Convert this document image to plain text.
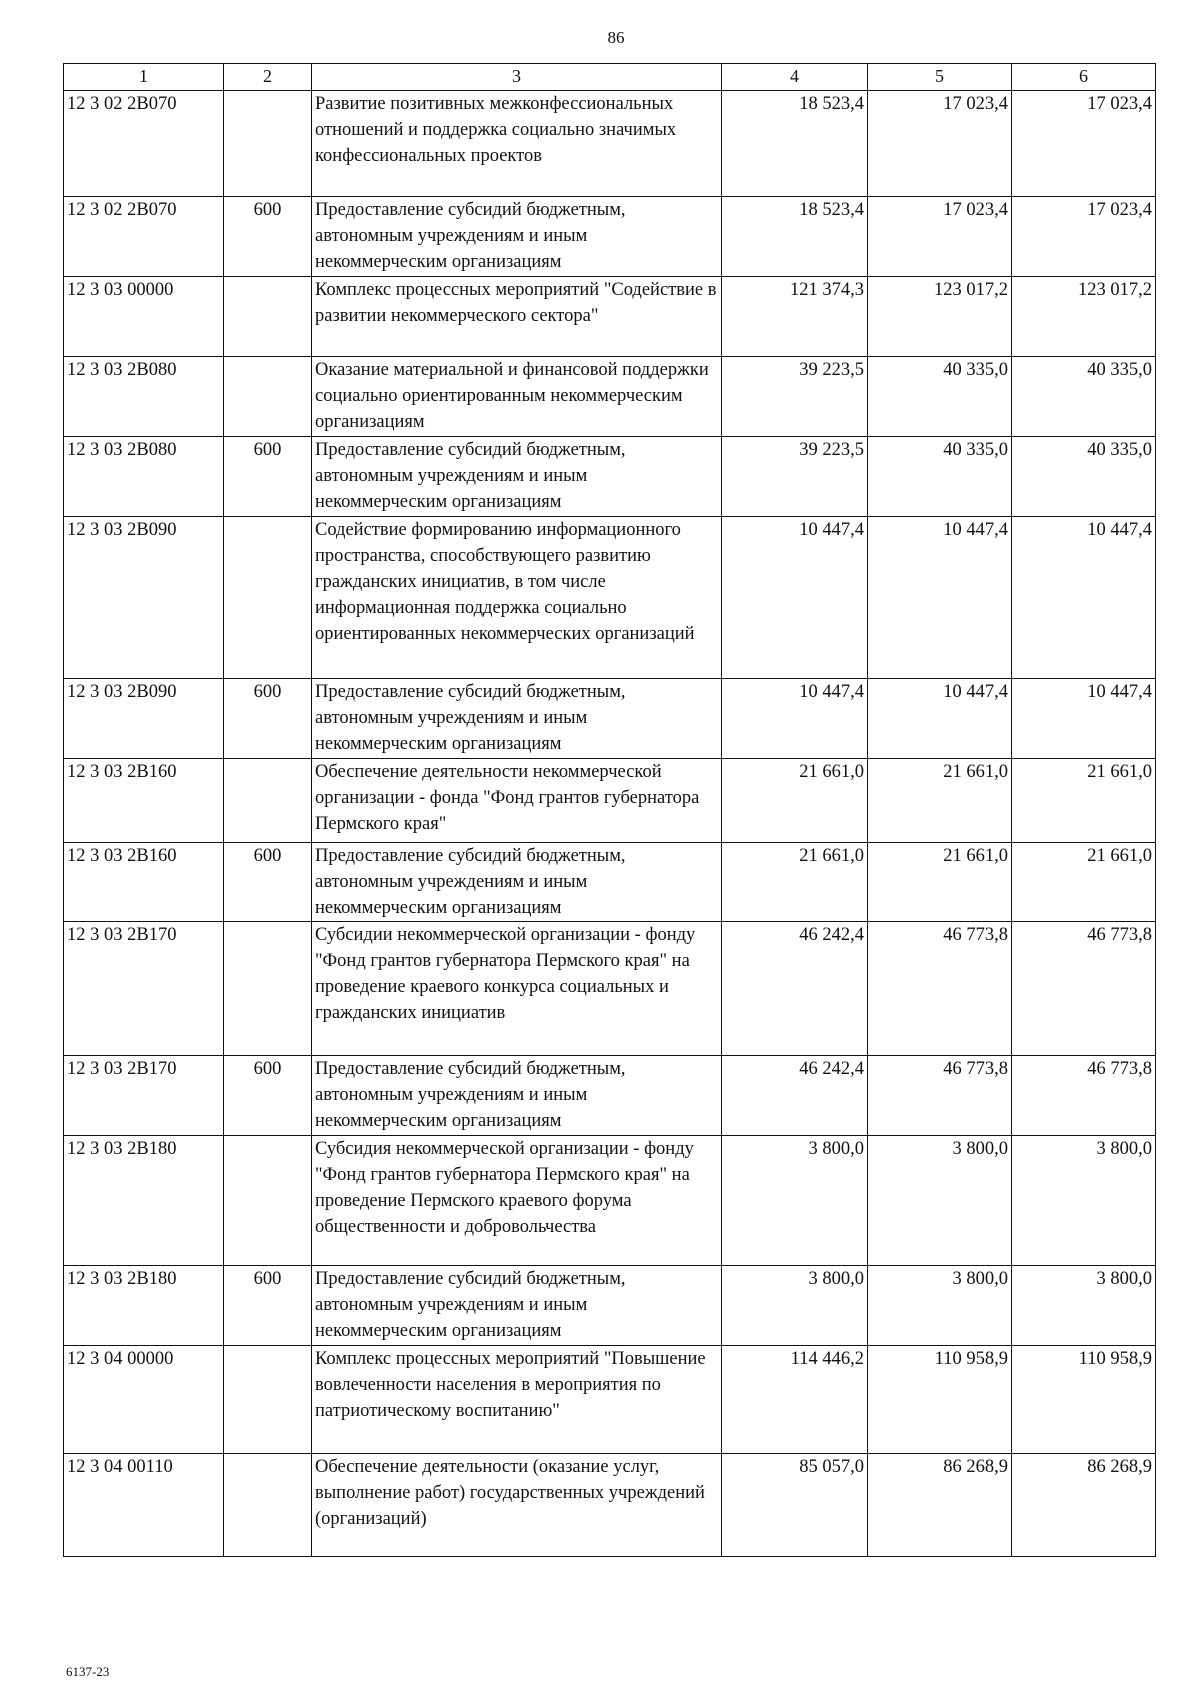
86
1	2	3	4	5	6
12 3 02 2В070		Развитие позитивных межконфессиональных отношений и поддержка социально значимых конфессиональных проектов	18 523,4	17 023,4	17 023,4
12 3 02 2В070	600	Предоставление субсидий бюджетным, автономным учреждениям и иным некоммерческим организациям	18 523,4	17 023,4	17 023,4
12 3 03 00000		Комплекс процессных мероприятий "Содействие в развитии некоммерческого сектора"	121 374,3	123 017,2	123 017,2
12 3 03 2В080		Оказание материальной и финансовой поддержки социально ориентированным некоммерческим организациям	39 223,5	40 335,0	40 335,0
12 3 03 2В080	600	Предоставление субсидий бюджетным, автономным учреждениям и иным некоммерческим организациям	39 223,5	40 335,0	40 335,0
12 3 03 2В090		Содействие формированию информационного пространства, способствующего развитию гражданских инициатив, в том числе информационная поддержка социально ориентированных некоммерческих организаций	10 447,4	10 447,4	10 447,4
12 3 03 2В090	600	Предоставление субсидий бюджетным, автономным учреждениям и иным некоммерческим организациям	10 447,4	10 447,4	10 447,4
12 3 03 2В160		Обеспечение деятельности некоммерческой организации - фонда "Фонд грантов губернатора Пермского края"	21 661,0	21 661,0	21 661,0
12 3 03 2В160	600	Предоставление субсидий бюджетным, автономным учреждениям и иным некоммерческим организациям	21 661,0	21 661,0	21 661,0
12 3 03 2В170		Субсидии некоммерческой организации - фонду "Фонд грантов губернатора Пермского края" на проведение краевого конкурса социальных и гражданских инициатив	46 242,4	46 773,8	46 773,8
12 3 03 2В170	600	Предоставление субсидий бюджетным, автономным учреждениям и иным некоммерческим организациям	46 242,4	46 773,8	46 773,8
12 3 03 2В180		Субсидия некоммерческой организации - фонду "Фонд грантов губернатора Пермского края" на проведение Пермского краевого форума общественности и добровольчества	3 800,0	3 800,0	3 800,0
12 3 03 2В180	600	Предоставление субсидий бюджетным, автономным учреждениям и иным некоммерческим организациям	3 800,0	3 800,0	3 800,0
12 3 04 00000		Комплекс процессных мероприятий "Повышение вовлеченности населения в мероприятия по патриотическому воспитанию"	114 446,2	110 958,9	110 958,9
12 3 04 00110		Обеспечение деятельности (оказание услуг, выполнение работ) государственных учреждений (организаций)	85 057,0	86 268,9	86 268,9
6137-23
